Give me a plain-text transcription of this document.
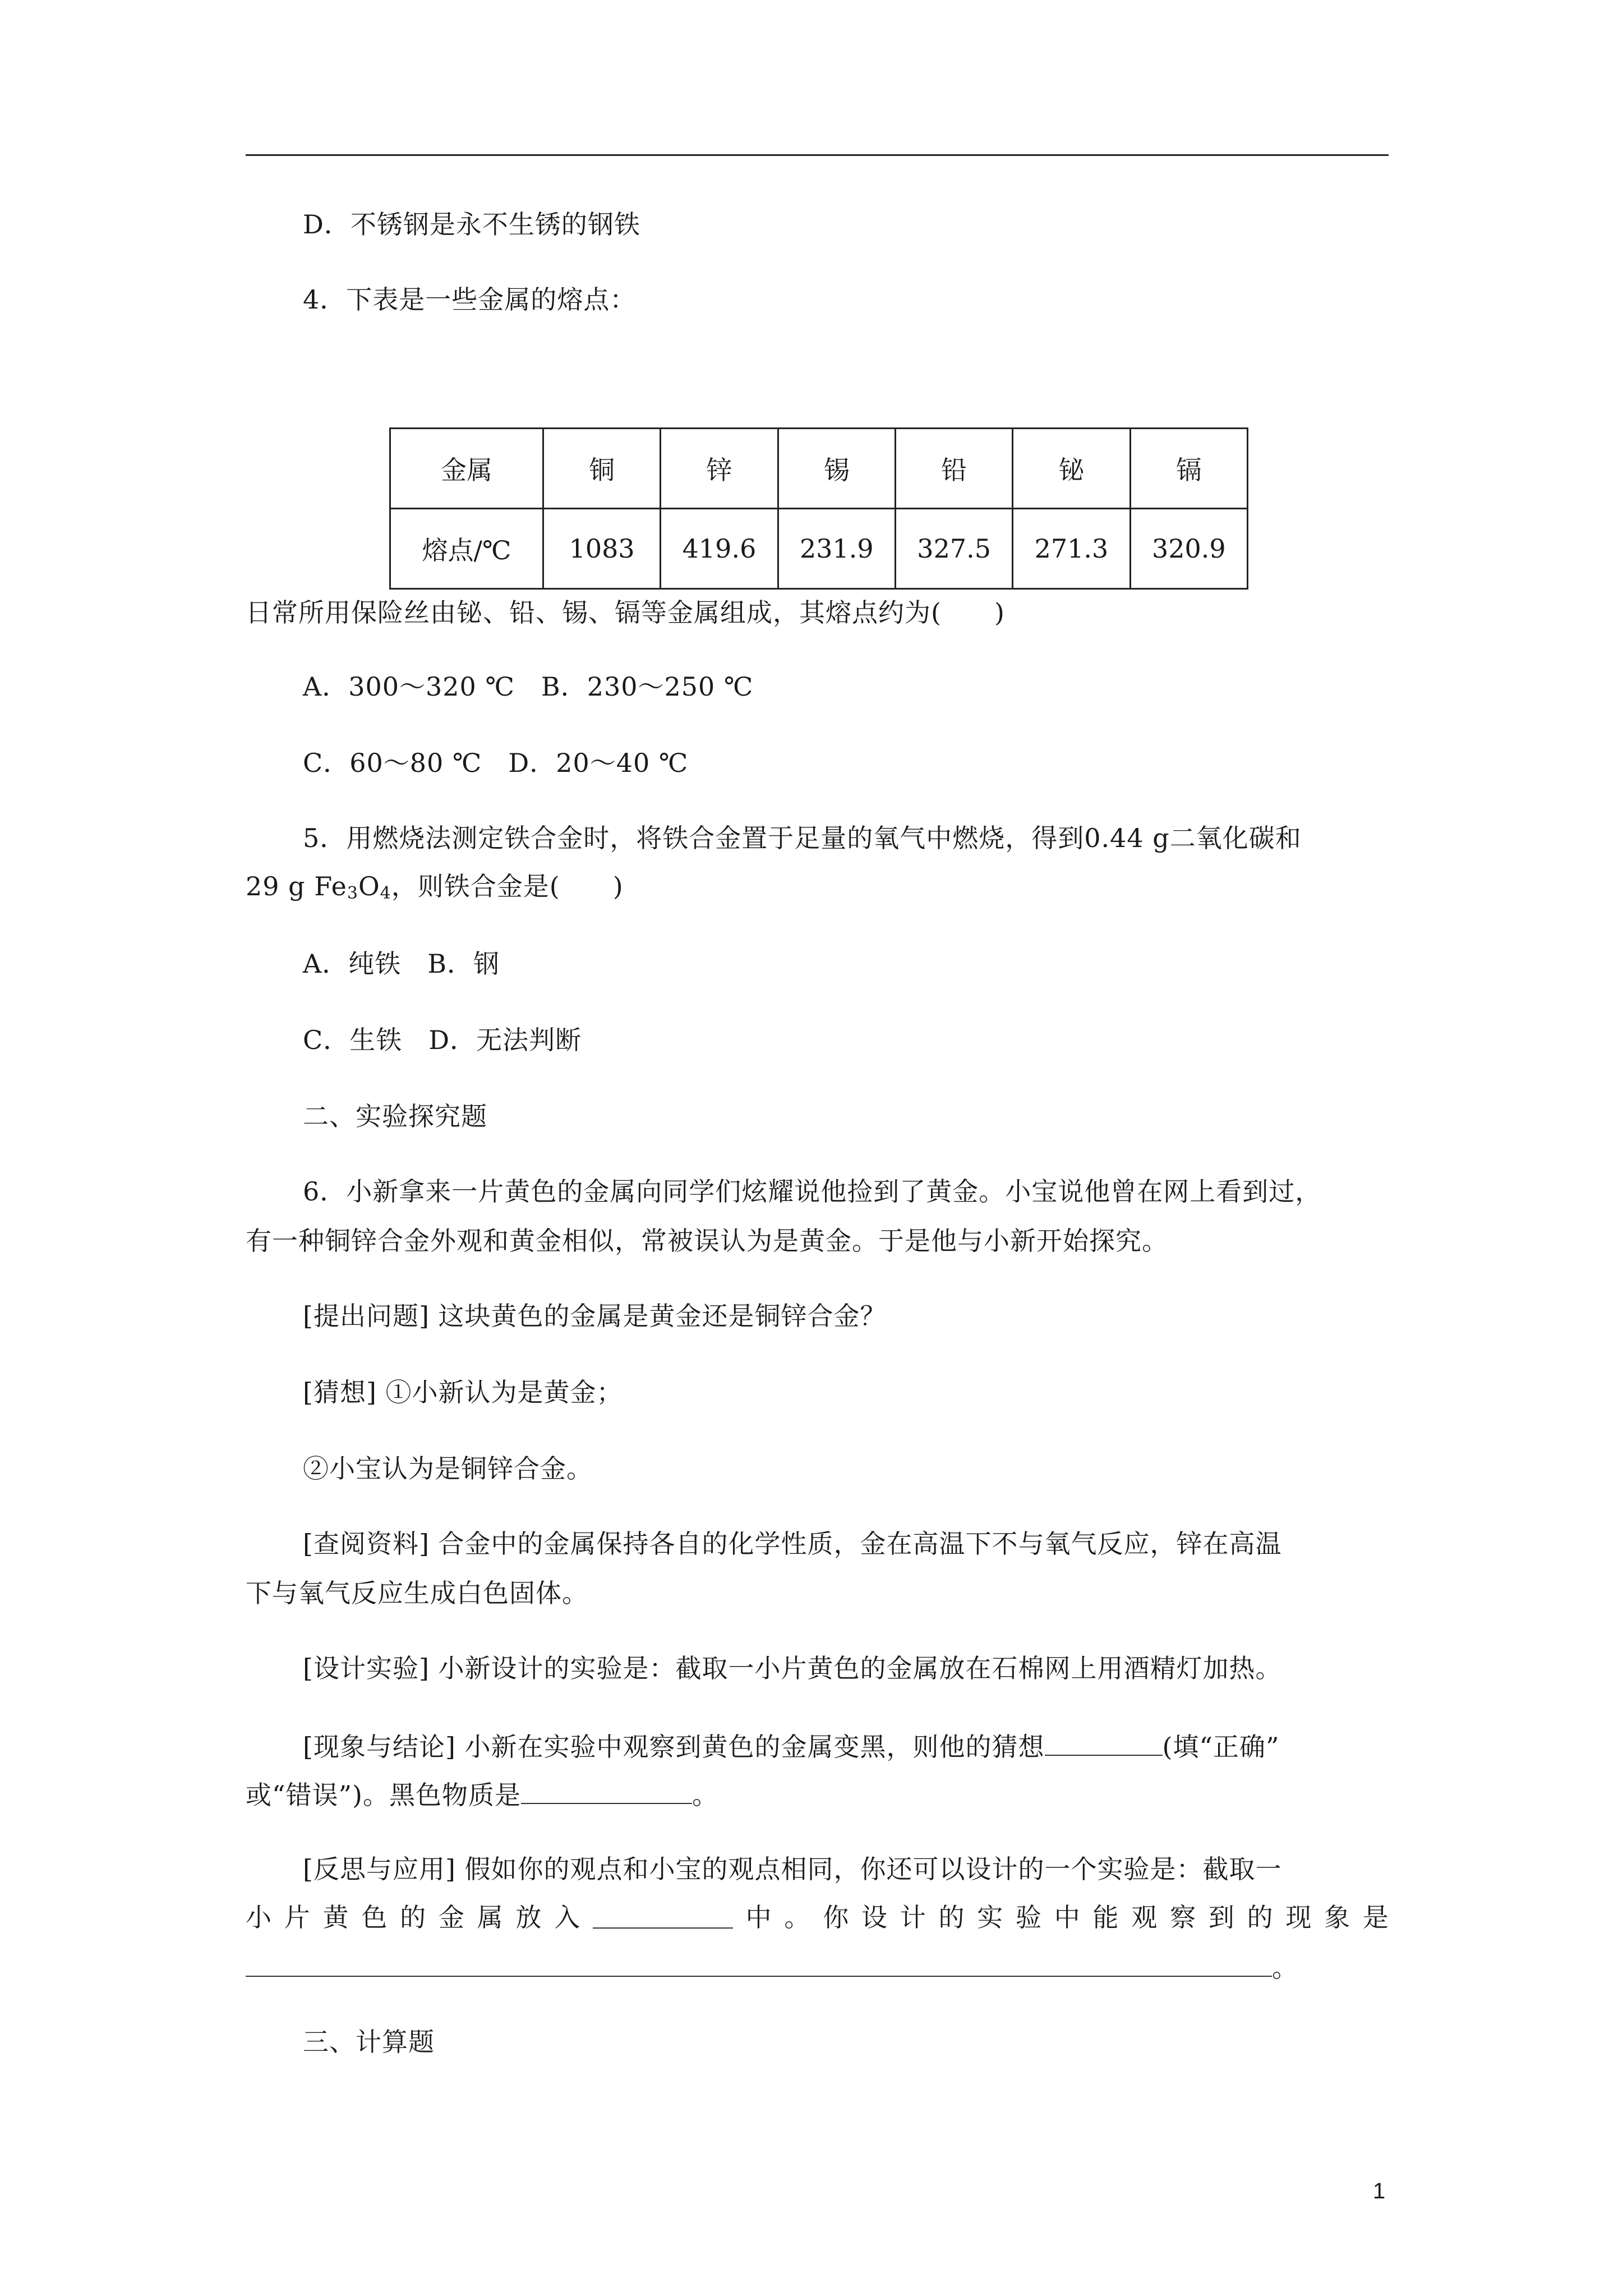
D．不锈钢是永不生锈的钢铁
4．下表是一些金属的熔点：
金属	铜	锌	锡	铅	铋	镉
熔点/℃	1083	419.6	231.9	327.5	271.3	320.9
日常所用保险丝由铋、铅、锡、镉等金属组成，其熔点约为(　　)
A．300～320 ℃　B．230～250 ℃
C．60～80 ℃　D．20～40 ℃
5．用燃烧法测定铁合金时，将铁合金置于足量的氧气中燃烧，得到0.44 g二氧化碳和
29 g $Fe_3O_4$，则铁合金是(　　)
A．纯铁　B．钢
C．生铁　D．无法判断
二、实验探究题
6．小新拿来一片黄色的金属向同学们炫耀说他捡到了黄金。小宝说他曾在网上看到过，
有一种铜锌合金外观和黄金相似，常被误认为是黄金。于是他与小新开始探究。
[提出问题] 这块黄色的金属是黄金还是铜锌合金？
[猜想] ①小新认为是黄金；
②小宝认为是铜锌合金。
[查阅资料] 合金中的金属保持各自的化学性质，金在高温下不与氧气反应，锌在高温
下与氧气反应生成白色固体。
[设计实验] 小新设计的实验是：截取一小片黄色的金属放在石棉网上用酒精灯加热。
[现象与结论] 小新在实验中观察到黄色的金属变黑，则他的猜想	(填“正确”
或“错误”)。黑色物质是	。
[反思与应用] 假如你的观点和小宝的观点相同，你还可以设计的一个实验是：截取一
小 片 黄 色 的 金 属 放 入	中 。 你 设 计 的 实 验 中 能 观 察 到 的 现 象 是
。
三、计算题
1
